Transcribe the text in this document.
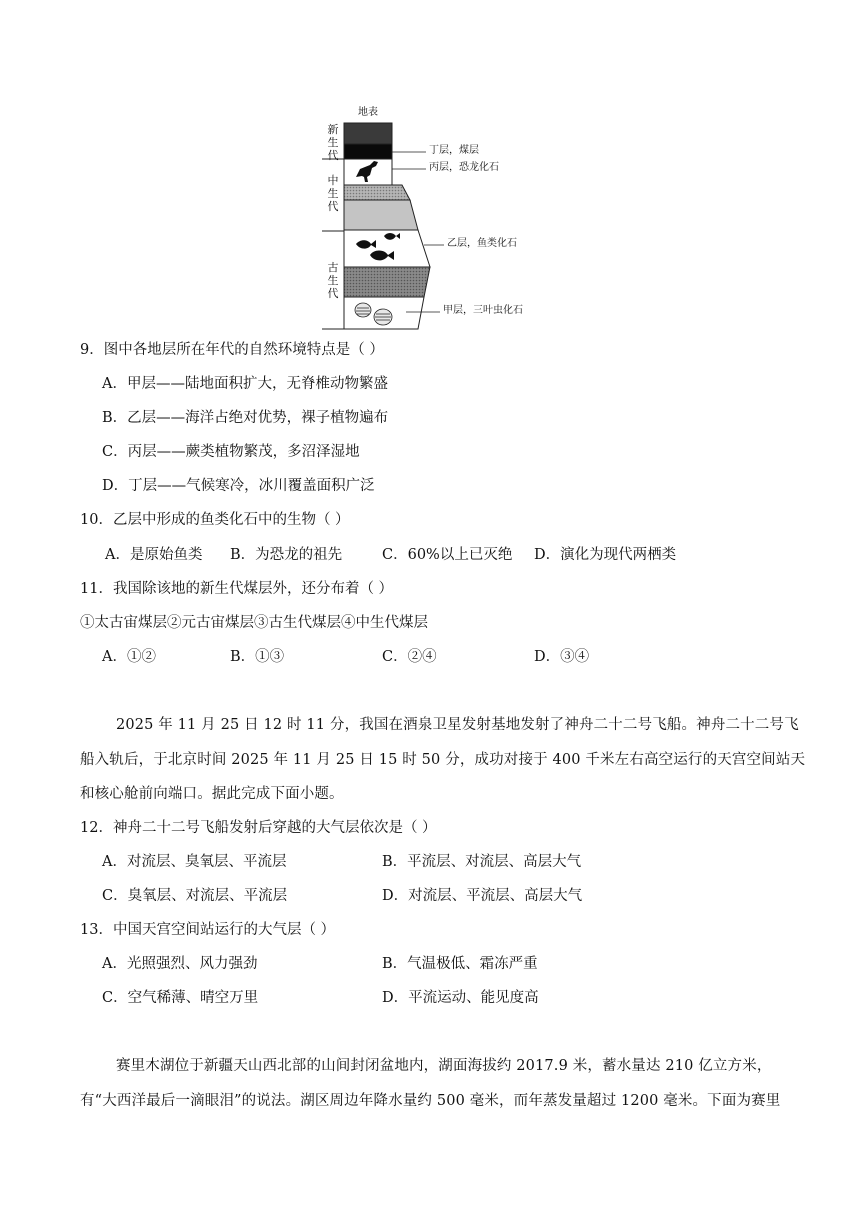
地表
新
生
代
中
生
代
古
生
代
丁层，煤层
丙层，恐龙化石
乙层，鱼类化石
甲层，三叶虫化石
9．图中各地层所在年代的自然环境特点是（ ）
A．甲层——陆地面积扩大，无脊椎动物繁盛
B．乙层——海洋占绝对优势，裸子植物遍布
C．丙层——蕨类植物繁茂，多沼泽湿地
D．丁层——气候寒冷，冰川覆盖面积广泛
10．乙层中形成的鱼类化石中的生物（ ）
A．是原始鱼类 B．为恐龙的祖先	C．60%以上已灭绝 D．演化为现代两栖类
11．我国除该地的新生代煤层外，还分布着（ ）
①太古宙煤层②元古宙煤层③古生代煤层④中生代煤层
A．①②	B．①③	C．②④	D．③④
2025 年 11 月 25 日 12 时 11 分，我国在酒泉卫星发射基地发射了神舟二十二号飞船。神舟二十二号飞
船入轨后，于北京时间 2025 年 11 月 25 日 15 时 50 分，成功对接于 400 千米左右高空运行的天宫空间站天
和核心舱前向端口。据此完成下面小题。
12．神舟二十二号飞船发射后穿越的大气层依次是（ ）
A．对流层、臭氧层、平流层	B．平流层、对流层、高层大气
C．臭氧层、对流层、平流层	D．对流层、平流层、高层大气
13．中国天宫空间站运行的大气层（ ）
A．光照强烈、风力强劲	B．气温极低、霜冻严重
C．空气稀薄、晴空万里	D．平流运动、能见度高
赛里木湖位于新疆天山西北部的山间封闭盆地内，湖面海拔约 2017.9 米，蓄水量达 210 亿立方米，
有“大西洋最后一滴眼泪”的说法。湖区周边年降水量约 500 毫米，而年蒸发量超过 1200 毫米。下面为赛里
